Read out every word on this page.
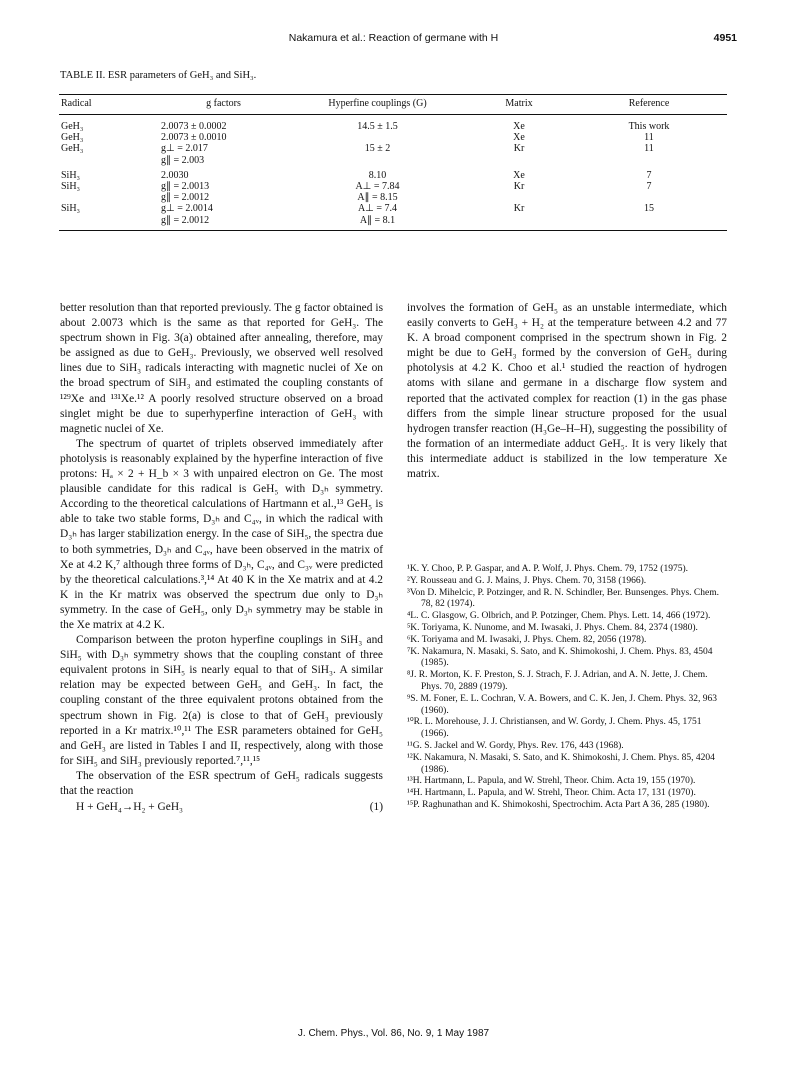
Nakamura et al.: Reaction of germane with H	4951
TABLE II. ESR parameters of GeH₃ and SiH₃.
Radical	g factors	Hyperfine couplings (G)	Matrix	Reference
GeH₃	2.0073 ± 0.0002	14.5 ± 1.5	Xe	This work
GeH₃	2.0073 ± 0.0010		Xe	11
GeH₃	g⊥ = 2.017	15 ± 2	Kr	11
	g∥ = 2.003			
SiH₃	2.0030	8.10	Xe	7
SiH₃	g∥ = 2.0013	A⊥ = 7.84	Kr	7
	g∥ = 2.0012	A∥ = 8.15		
SiH₃	g⊥ = 2.0014	A⊥ = 7.4	Kr	15
	g∥ = 2.0012	A∥ = 8.1		

better resolution than that reported previously. The g factor obtained is about 2.0073 which is the same as that reported for GeH₃. The spectrum shown in Fig. 3(a) obtained after annealing, therefore, may be assigned as due to GeH₃. Previously, we observed well resolved lines due to SiH₃ radicals interacting with magnetic nuclei of Xe on the broad spectrum of SiH₃ and estimated the coupling constants of ¹²⁹Xe and ¹³¹Xe.¹² A poorly resolved structure observed on a broad singlet might be due to superhyperfine interaction of GeH₃ with magnetic nuclei of Xe.

The spectrum of quartet of triplets observed immediately after photolysis is reasonably explained by the hyperfine interaction of five protons: Hₐ × 2 + H_b × 3 with unpaired electron on Ge. The most plausible candidate for this radical is GeH₅ with D₃ₕ symmetry. According to the theoretical calculations of Hartmann et al.,¹³ GeH₅ is able to take two stable forms, D₃ₕ and C₄ᵥ, in which the radical with D₃ₕ has larger stabilization energy. In the case of SiH₅, the spectra due to both symmetries, D₃ₕ and C₄ᵥ, have been observed in the matrix of Xe at 4.2 K,⁷ although three forms of D₃ₕ, C₄ᵥ, and C₃ᵥ were predicted by the theoretical calculations.³,¹⁴ At 40 K in the Xe matrix and at 4.2 K in the Kr matrix was observed the spectrum due only to D₃ₕ symmetry. In the case of GeH₅, only D₃ₕ symmetry may be stable in the Xe matrix at 4.2 K.

Comparison between the proton hyperfine couplings in SiH₃ and SiH₅ with D₃ₕ symmetry shows that the coupling constant of three equivalent protons in SiH₅ is nearly equal to that of SiH₃. A similar relation may be expected between GeH₅ and GeH₃. In fact, the coupling constant of the three equivalent protons obtained from the spectrum shown in Fig. 2(a) is close to that of GeH₃ previously reported in a Kr matrix.¹⁰,¹¹ The ESR parameters obtained for GeH₅ and GeH₃ are listed in Tables I and II, respectively, along with those for SiH₅ and SiH₃ previously reported.⁷,¹¹,¹⁵

The observation of the ESR spectrum of GeH₅ radicals suggests that the reaction

H + GeH₄→H₂ + GeH₃	(1)

involves the formation of GeH₅ as an unstable intermediate, which easily converts to GeH₃ + H₂ at the temperature between 4.2 and 77 K. A broad component comprised in the spectrum shown in Fig. 2 might be due to GeH₃ formed by the conversion of GeH₅ during photolysis at 4.2 K. Choo et al.¹ studied the reaction of hydrogen atoms with silane and germane in a discharge flow system and reported that the activated complex for reaction (1) in the gas phase differs from the simple linear structure proposed for the usual hydrogen transfer reaction (H₃Ge–H–H), suggesting the possibility of the formation of an intermediate adduct GeH₅. It is very likely that this intermediate adduct is stabilized in the low temperature Xe matrix.

¹K. Y. Choo, P. P. Gaspar, and A. P. Wolf, J. Phys. Chem. 79, 1752 (1975).

²Y. Rousseau and G. J. Mains, J. Phys. Chem. 70, 3158 (1966).

³Von D. Mihelcic, P. Potzinger, and R. N. Schindler, Ber. Bunsenges. Phys. Chem. 78, 82 (1974).

⁴L. C. Glasgow, G. Olbrich, and P. Potzinger, Chem. Phys. Lett. 14, 466 (1972).

⁵K. Toriyama, K. Nunome, and M. Iwasaki, J. Phys. Chem. 84, 2374 (1980).

⁶K. Toriyama and M. Iwasaki, J. Phys. Chem. 82, 2056 (1978).

⁷K. Nakamura, N. Masaki, S. Sato, and K. Shimokoshi, J. Chem. Phys. 83, 4504 (1985).

⁸J. R. Morton, K. F. Preston, S. J. Strach, F. J. Adrian, and A. N. Jette, J. Chem. Phys. 70, 2889 (1979).

⁹S. M. Foner, E. L. Cochran, V. A. Bowers, and C. K. Jen, J. Chem. Phys. 32, 963 (1960).

¹⁰R. L. Morehouse, J. J. Christiansen, and W. Gordy, J. Chem. Phys. 45, 1751 (1966).

¹¹G. S. Jackel and W. Gordy, Phys. Rev. 176, 443 (1968).

¹²K. Nakamura, N. Masaki, S. Sato, and K. Shimokoshi, J. Chem. Phys. 85, 4204 (1986).

¹³H. Hartmann, L. Papula, and W. Strehl, Theor. Chim. Acta 19, 155 (1970).

¹⁴H. Hartmann, L. Papula, and W. Strehl, Theor. Chim. Acta 17, 131 (1970).

¹⁵P. Raghunathan and K. Shimokoshi, Spectrochim. Acta Part A 36, 285 (1980).

J. Chem. Phys., Vol. 86, No. 9, 1 May 1987
